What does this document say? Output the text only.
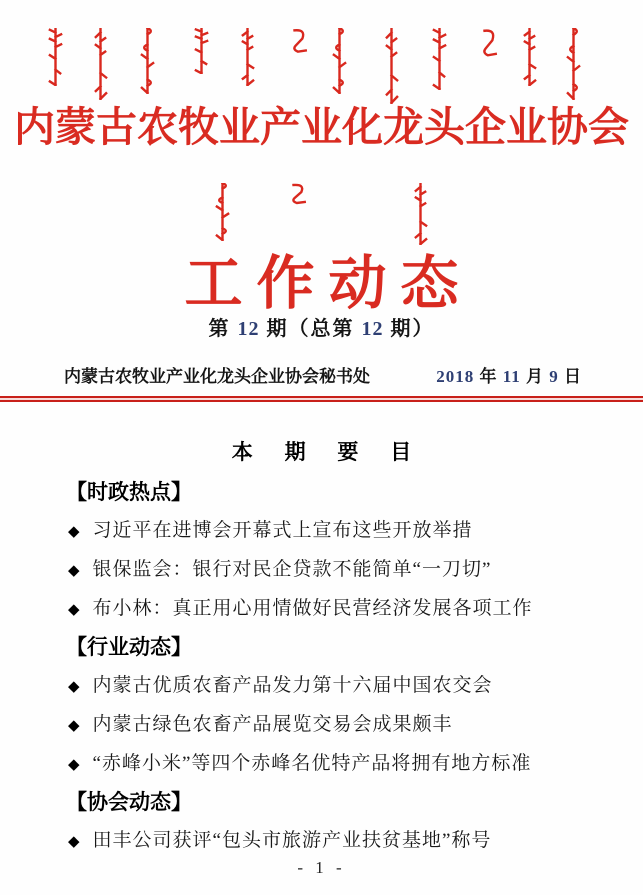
内蒙古农牧业产业化龙头企业协会
工作动态
第 12 期（总第 12 期）
内蒙古农牧业产业化龙头企业协会秘书处	2018 年 11 月 9 日
本 期 要 目
【时政热点】
◆ 习近平在进博会开幕式上宣布这些开放举措
◆ 银保监会：银行对民企贷款不能简单“一刀切”
◆ 布小林：真正用心用情做好民营经济发展各项工作
【行业动态】
◆ 内蒙古优质农畜产品发力第十六届中国农交会
◆ 内蒙古绿色农畜产品展览交易会成果颇丰
◆ “赤峰小米”等四个赤峰名优特产品将拥有地方标准
【协会动态】
◆ 田丰公司获评“包头市旅游产业扶贫基地”称号
- 1 -
